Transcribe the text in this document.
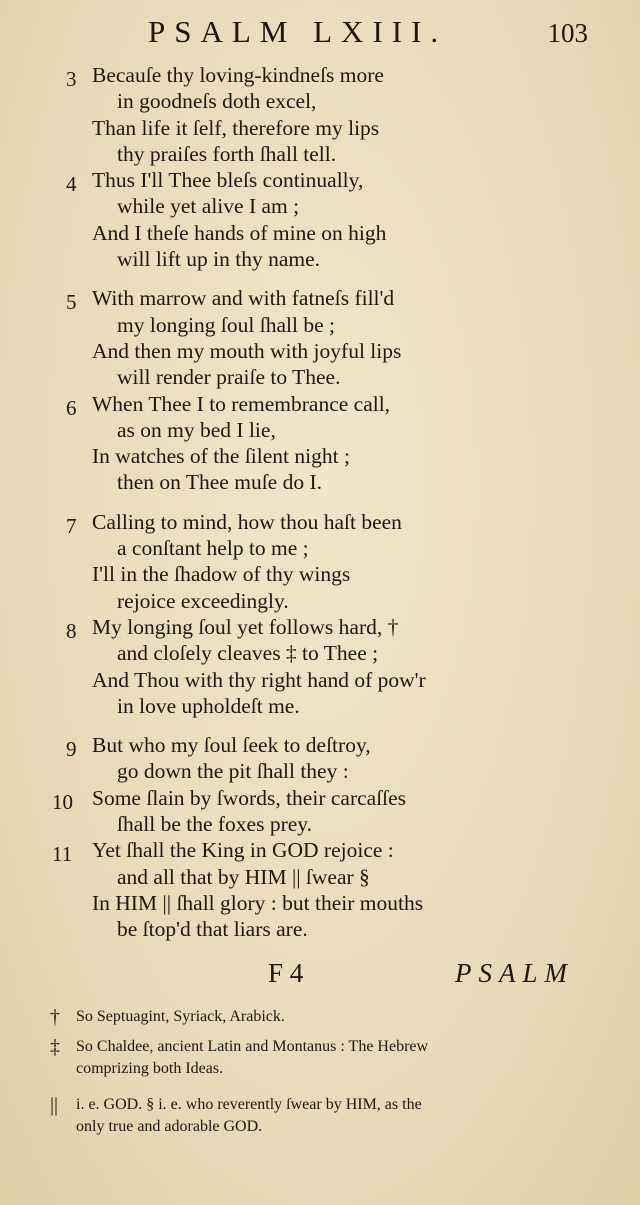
PSALM LXIII.	103
3 Becauſe thy loving-kindneſs more
in goodneſs doth excel,
Than life it ſelf, therefore my lips
thy praiſes forth ſhall tell.
4 Thus I'll Thee bleſs continually,
while yet alive I am ;
And I theſe hands of mine on high
will lift up in thy name.
5 With marrow and with fatneſs fill'd
my longing ſoul ſhall be ;
And then my mouth with joyful lips
will render praiſe to Thee.
6 When Thee I to remembrance call,
as on my bed I lie,
In watches of the ſilent night ;
then on Thee muſe do I.
7 Calling to mind, how thou haſt been
a conſtant help to me ;
I'll in the ſhadow of thy wings
rejoice exceedingly.
8 My longing ſoul yet follows hard, †
and cloſely cleaves ‡ to Thee ;
And Thou with thy right hand of pow'r
in love upholdeſt me.
9 But who my ſoul ſeek to deſtroy,
go down the pit ſhall they :
10 Some ſlain by ſwords, their carcaſſes
ſhall be the foxes prey.
11 Yet ſhall the King in GOD rejoice :
and all that by HIM || ſwear §
In HIM || ſhall glory : but their mouths
be ſtop'd that liars are.
F 4	PSALM
† So Septuagint, Syriack, Arabick.
‡ So Chaldee, ancient Latin and Montanus : The Hebrew
comprizing both Ideas.
|| i. e. GOD. § i. e. who reverently ſwear by HIM, as the
only true and adorable GOD.
